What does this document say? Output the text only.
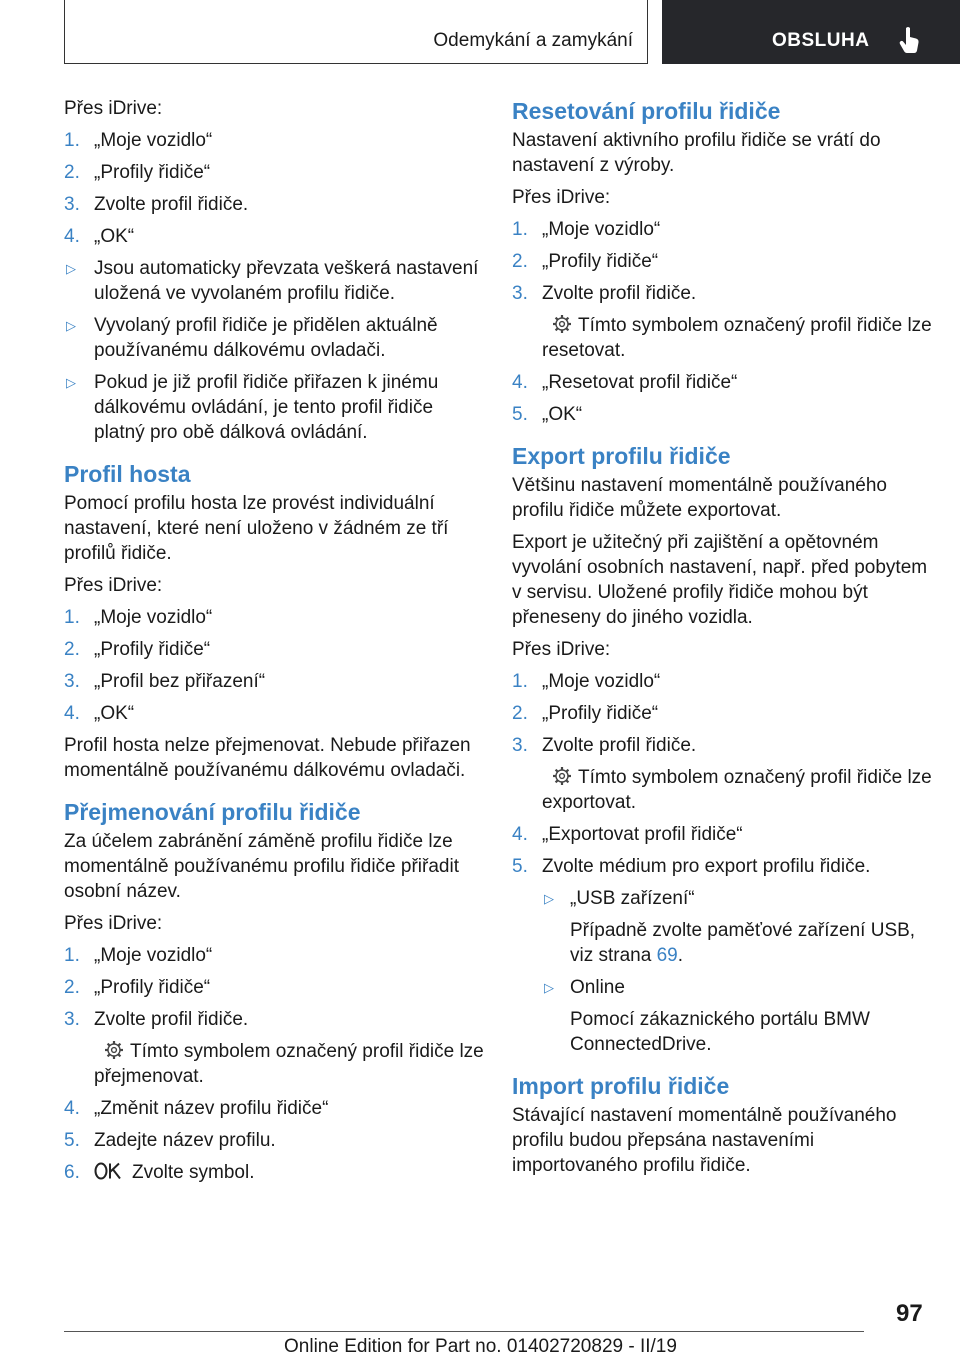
Odemykání a zamykání	OBSLUHA

Přes iDrive:

1. „Moje vozidlo“
2. „Profily řidiče“
3. Zvolte profil řidiče.
4. „OK“
▷ Jsou automaticky převzata veškerá nastavení uložená ve vyvolaném profilu řidiče.
▷ Vyvolaný profil řidiče je přidělen aktuálně používanému dálkovému ovladači.
▷ Pokud je již profil řidiče přiřazen k jinému dálkovému ovládání, je tento profil řidiče platný pro obě dálková ovládání.
Profil hosta

Pomocí profilu hosta lze provést individuální nastavení, které není uloženo v žádném ze tří profilů řidiče.

Přes iDrive:

1. „Moje vozidlo“
2. „Profily řidiče“
3. „Profil bez přiřazení“
4. „OK“

Profil hosta nelze přejmenovat. Nebude přiřazen momentálně používanému dálkovému ovladači.

Přejmenování profilu řidiče

Za účelem zabránění záměně profilu řidiče lze momentálně používanému profilu řidiče přiřadit osobní název.

Přes iDrive:

1. „Moje vozidlo“
2. „Profily řidiče“
3. Zvolte profil řidiče.
Tímto symbolem označený profil řidiče lze přejmenovat.
4. „Změnit název profilu řidiče“
5. Zadejte název profilu.
6.	Zvolte symbol.
Resetování profilu řidiče

Nastavení aktivního profilu řidiče se vrátí do nastavení z výroby.

Přes iDrive:

1. „Moje vozidlo“
2. „Profily řidiče“
3. Zvolte profil řidiče.
Tímto symbolem označený profil řidiče lze resetovat.
4. „Resetovat profil řidiče“
5. „OK“
Export profilu řidiče

Většinu nastavení momentálně používaného profilu řidiče můžete exportovat.

Export je užitečný při zajištění a opětovném vyvolání osobních nastavení, např. před pobytem v servisu. Uložené profily řidiče mohou být přeneseny do jiného vozidla.

Přes iDrive:

1. „Moje vozidlo“
2. „Profily řidiče“
3. Zvolte profil řidiče.
Tímto symbolem označený profil řidiče lze exportovat.
4. „Exportovat profil řidiče“
5. Zvolte médium pro export profilu řidiče.
▷ „USB zařízení“
Případně zvolte paměťové zařízení USB, viz strana 69.
▷ Online
Pomocí zákaznického portálu BMW ConnectedDrive.
Import profilu řidiče

Stávající nastavení momentálně používaného profilu budou přepsána nastaveními importovaného profilu řidiče.

97
Online Edition for Part no. 01402720829 - II/19
